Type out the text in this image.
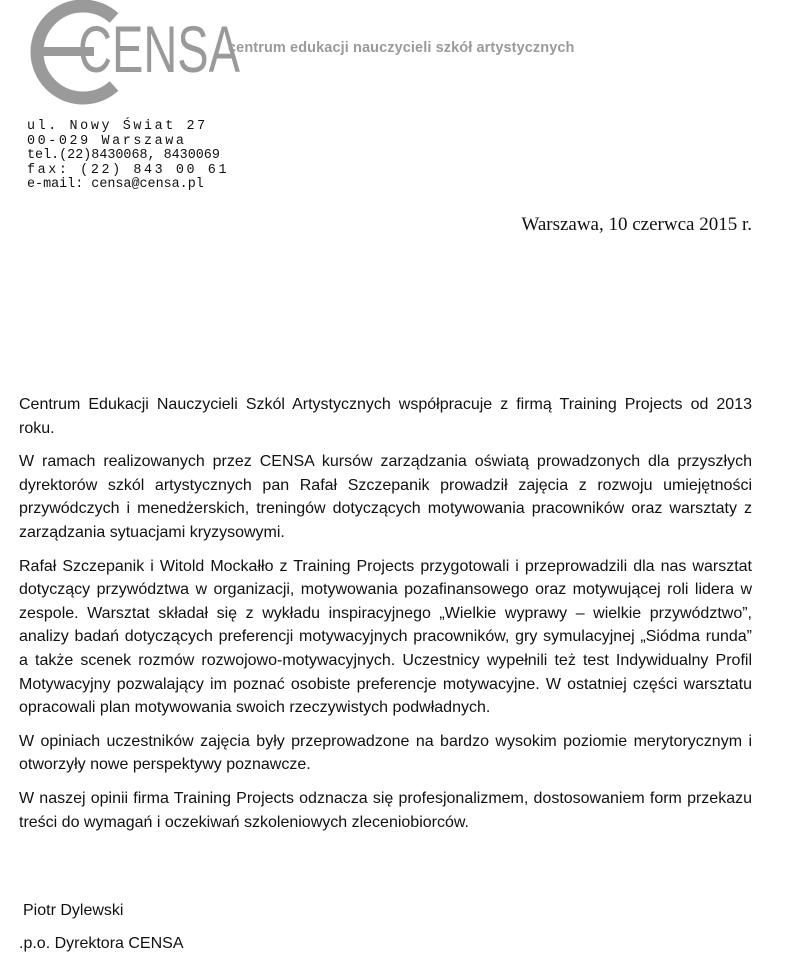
CENSA
centrum edukacji nauczycieli szkół artystycznych
ul. Nowy Świat 27
00-029 Warszawa
tel.(22)8430068, 8430069
fax: (22) 843 00 61
e-mail: censa@censa.pl
Warszawa, 10 czerwca 2015 r.

Centrum Edukacji Nauczycieli Szkól Artystycznych współpracuje z firmą Training Projects od 2013 roku.

W ramach realizowanych przez CENSA kursów zarządzania oświatą prowadzonych dla przyszłych dyrektorów szkól artystycznych pan Rafał Szczepanik prowadził zajęcia z rozwoju umiejętności przywódczych i menedżerskich, treningów dotyczących motywowania pracowników oraz warsztaty z zarządzania sytuacjami kryzysowymi.

Rafał Szczepanik i Witold Mockałło z Training Projects przygotowali i przeprowadzili dla nas warsztat dotyczący przywództwa w organizacji, motywowania pozafinansowego oraz motywującej roli lidera w zespole. Warsztat składał się z wykładu inspiracyjnego „Wielkie wyprawy – wielkie przywództwo”, analizy badań dotyczących preferencji motywacyjnych pracowników, gry symulacyjnej „Siódma runda” a także scenek rozmów rozwojowo-motywacyjnych. Uczestnicy wypełnili też test Indywidualny Profil Motywacyjny pozwalający im poznać osobiste preferencje motywacyjne. W ostatniej części warsztatu opracowali plan motywowania swoich rzeczywistych podwładnych.

W opiniach uczestników zajęcia były przeprowadzone na bardzo wysokim poziomie merytorycznym i otworzyły nowe perspektywy poznawcze.

W naszej opinii firma Training Projects odznacza się profesjonalizmem, dostosowaniem form przekazu treści do wymagań i oczekiwań szkoleniowych zleceniobiorców.

Piotr Dylewski
.p.o. Dyrektora CENSA
